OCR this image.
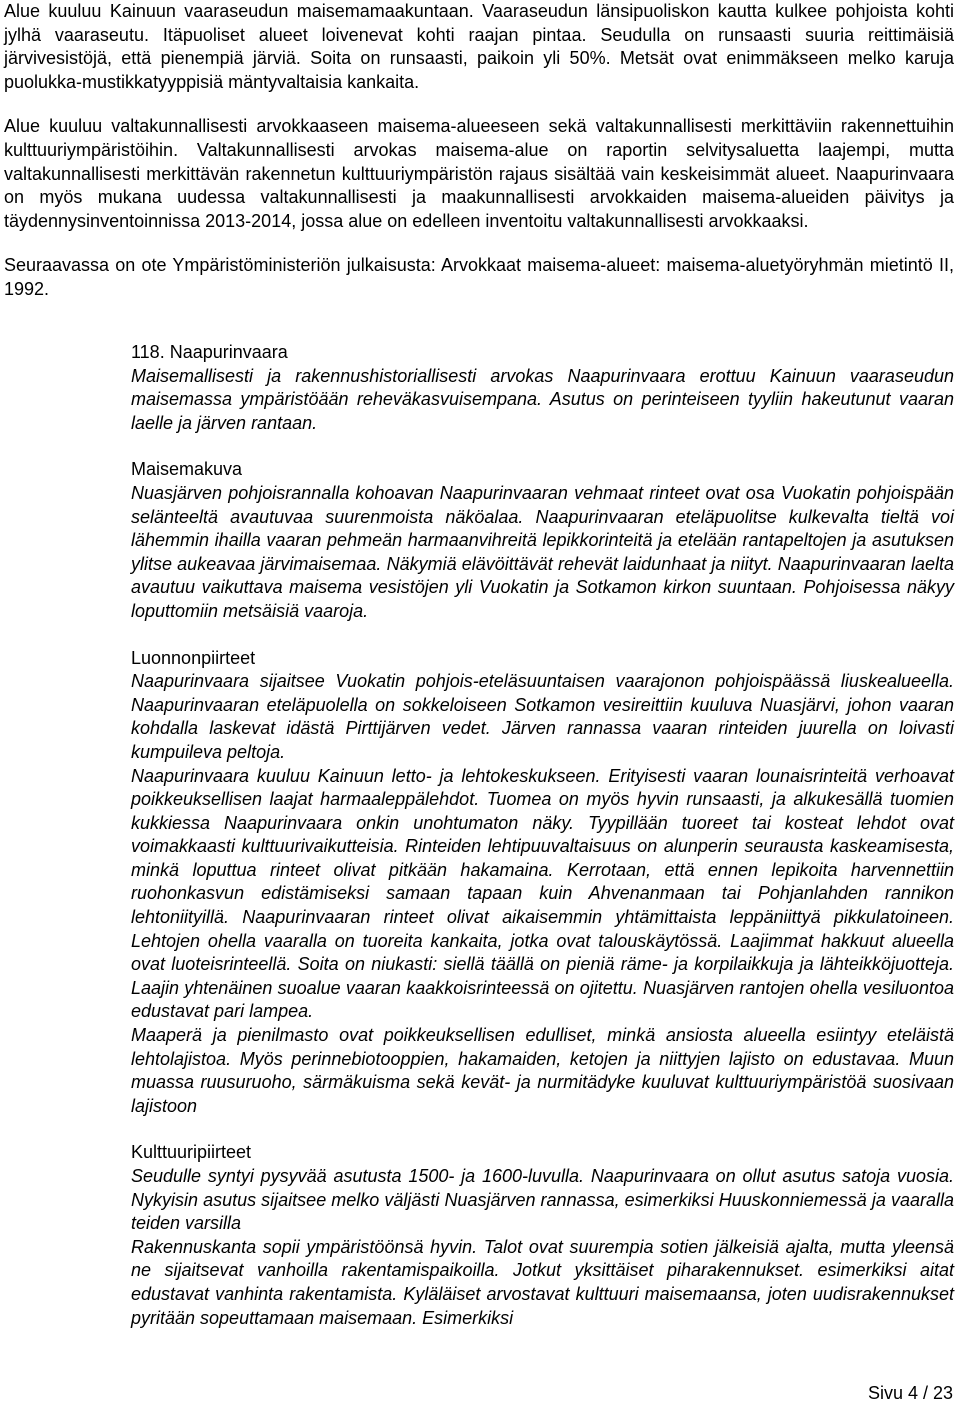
Alue kuuluu Kainuun vaaraseudun maisemamaakuntaan. Vaaraseudun länsipuoliskon kautta kulkee pohjoista kohti jylhä vaaraseutu. Itäpuoliset alueet loivenevat kohti raajan pintaa. Seudulla on runsaasti suuria reittimäisiä järvivesistöjä, että pienempiä järviä. Soita on runsaasti, paikoin yli 50%. Metsät ovat enimmäkseen melko karuja puolukka-mustikkatyyppisiä mäntyvaltaisia kankaita.

Alue kuuluu valtakunnallisesti arvokkaaseen maisema-alueeseen sekä valtakunnallisesti merkittäviin rakennettuihin kulttuuriympäristöihin. Valtakunnallisesti arvokas maisema-alue on raportin selvitysaluetta laajempi, mutta valtakunnallisesti merkittävän rakennetun kulttuuriympäristön rajaus sisältää vain keskeisimmät alueet. Naapurinvaara on myös mukana uudessa valtakunnallisesti ja maakunnallisesti arvokkaiden maisema-alueiden päivitys ja täydennysinventoinnissa 2013-2014, jossa alue on edelleen inventoitu valtakunnallisesti arvokkaaksi.

Seuraavassa on ote Ympäristöministeriön julkaisusta: Arvokkaat maisema-alueet: maisema-aluetyöryhmän mietintö II, 1992.

118. Naapurinvaara

Maisemallisesti ja rakennushistoriallisesti arvokas Naapurinvaara erottuu Kainuun vaaraseudun maisemassa ympäristöään reheväkasvuisempana. Asutus on perinteiseen tyyliin hakeutunut vaaran laelle ja järven rantaan.

Maisemakuva

Nuasjärven pohjoisrannalla kohoavan Naapurinvaaran vehmaat rinteet ovat osa Vuokatin pohjoispään selänteeltä avautuvaa suurenmoista näköalaa. Naapurinvaaran eteläpuolitse kulkevalta tieltä voi lähemmin ihailla vaaran pehmeän harmaanvihreitä lepikkorinteitä ja etelään rantapeltojen ja asutuksen ylitse aukeavaa järvimaisemaa. Näkymiä elävöittävät rehevät laidunhaat ja niityt. Naapurinvaaran laelta avautuu vaikuttava maisema vesistöjen yli Vuokatin ja Sotkamon kirkon suuntaan. Pohjoisessa näkyy loputtomiin metsäisiä vaaroja.

Luonnonpiirteet

Naapurinvaara sijaitsee Vuokatin pohjois-eteläsuuntaisen vaarajonon pohjoispäässä liuskealueella. Naapurinvaaran eteläpuolella on sokkeloiseen Sotkamon vesireittiin kuuluva Nuasjärvi, johon vaaran kohdalla laskevat idästä Pirttijärven vedet. Järven rannassa vaaran rinteiden juurella on loivasti kumpuileva peltoja.

Naapurinvaara kuuluu Kainuun letto- ja lehtokeskukseen. Erityisesti vaaran lounaisrinteitä verhoavat poikkeuksellisen laajat harmaaleppälehdot. Tuomea on myös hyvin runsaasti, ja alkukesällä tuomien kukkiessa Naapurinvaara onkin unohtumaton näky. Tyypillään tuoreet tai kosteat lehdot ovat voimakkaasti kulttuurivaikutteisia. Rinteiden lehtipuuvaltaisuus on alunperin seurausta kaskeamisesta, minkä loputtua rinteet olivat pitkään hakamaina. Kerrotaan, että ennen lepikoita harvennettiin ruohonkasvun edistämiseksi samaan tapaan kuin Ahvenanmaan tai Pohjanlahden rannikon lehtoniityillä. Naapurinvaaran rinteet olivat aikaisemmin yhtämittaista leppäniittyä pikkulatoineen. Lehtojen ohella vaaralla on tuoreita kankaita, jotka ovat talouskäytössä. Laajimmat hakkuut alueella ovat luoteisrinteellä. Soita on niukasti: siellä täällä on pieniä räme- ja korpilaikkuja ja lähteikköjuotteja. Laajin yhtenäinen suoalue vaaran kaakkoisrinteessä on ojitettu. Nuasjärven rantojen ohella vesiluontoa edustavat pari lampea.

Maaperä ja pienilmasto ovat poikkeuksellisen edulliset, minkä ansiosta alueella esiintyy eteläistä lehtolajistoa. Myös perinnebiotooppien, hakamaiden, ketojen ja niittyjen lajisto on edustavaa. Muun muassa ruusuruoho, särmäkuisma sekä kevät- ja nurmitädyke kuuluvat kulttuuriympäristöä suosivaan lajistoon

Kulttuuripiirteet

Seudulle syntyi pysyvää asutusta 1500- ja 1600-luvulla. Naapurinvaara on ollut asutus satoja vuosia. Nykyisin asutus sijaitsee melko väljästi Nuasjärven rannassa, esimerkiksi Huuskonniemessä ja vaaralla teiden varsilla

Rakennuskanta sopii ympäristöönsä hyvin. Talot ovat suurempia sotien jälkeisiä ajalta, mutta yleensä ne sijaitsevat vanhoilla rakentamispaikoilla. Jotkut yksittäiset piharakennukset. esimerkiksi aitat edustavat vanhinta rakentamista. Kyläläiset arvostavat kulttuuri maisemaansa, joten uudisrakennukset pyritään sopeuttamaan maisemaan. Esimerkiksi

Sivu 4 / 23
